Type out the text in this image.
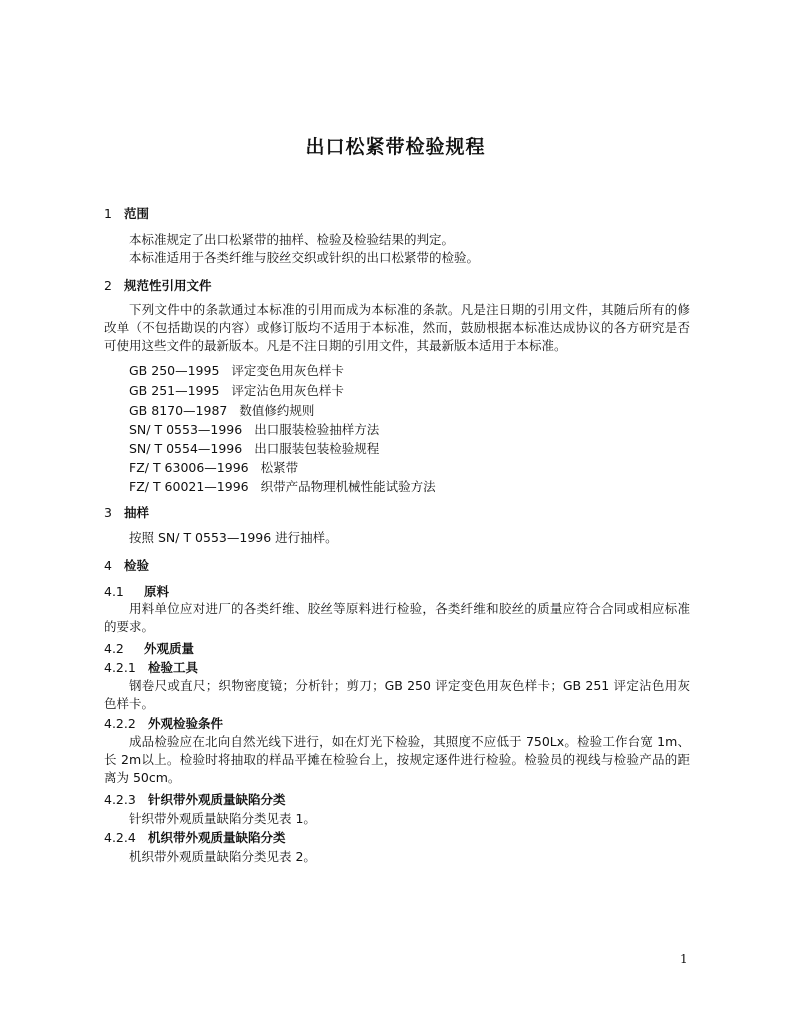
出口松紧带检验规程
1 范围
本标准规定了出口松紧带的抽样、检验及检验结果的判定。
本标准适用于各类纤维与胶丝交织或针织的出口松紧带的检验。
2 规范性引用文件

下列文件中的条款通过本标准的引用而成为本标准的条款。凡是注日期的引用文件，其随后所有的修改单（不包括勘误的内容）或修订版均不适用于本标准，然而，鼓励根据本标准达成协议的各方研究是否可使用这些文件的最新版本。凡是不注日期的引用文件，其最新版本适用于本标准。

GB 250—1995 评定变色用灰色样卡
GB 251—1995 评定沾色用灰色样卡
GB 8170—1987 数值修约规则
SN/ T 0553—1996 出口服装检验抽样方法
SN/ T 0554—1996 出口服装包装检验规程
FZ/ T 63006—1996 松紧带
FZ/ T 60021—1996 织带产品物理机械性能试验方法
3 抽样
按照 SN/ T 0553—1996 进行抽样。
4 检验
4.1 原料

用料单位应对进厂的各类纤维、胶丝等原料进行检验，各类纤维和胶丝的质量应符合合同或相应标准的要求。

4.2 外观质量
4.2.1 检验工具

钢卷尺或直尺；织物密度镜；分析针；剪刀；GB 250 评定变色用灰色样卡；GB 251 评定沾色用灰色样卡。

4.2.2 外观检验条件

成品检验应在北向自然光线下进行，如在灯光下检验，其照度不应低于 750Lx。检验工作台宽 1m、长 2m以上。检验时将抽取的样品平摊在检验台上，按规定逐件进行检验。检验员的视线与检验产品的距离为 50cm。

4.2.3 针织带外观质量缺陷分类
针织带外观质量缺陷分类见表 1。
4.2.4 机织带外观质量缺陷分类
机织带外观质量缺陷分类见表 2。
1
